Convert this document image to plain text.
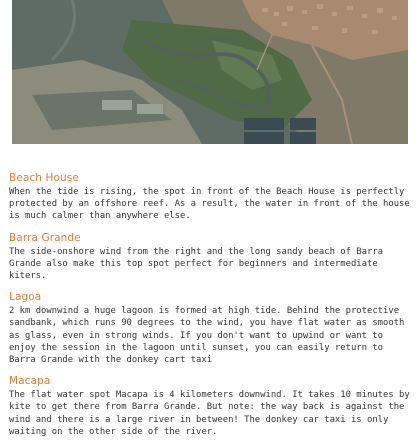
Beach House
When the tide is rising, the spot in front of the Beach House is perfectly protected by an offshore reef. As a result, the water in front of the house is much calmer than anywhere else.
Barra Grande
The side-onshore wind from the right and the long sandy beach of Barra Grande also make this top spot perfect for beginners and intermediate kiters.
Lagoa
2 km downwind a huge lagoon is formed at high tide. Behind the protective sandbank, which runs 90 degrees to the wind, you have flat water as smooth as glass, even in strong winds. If you don't want to upwind or want to enjoy the session in the lagoon until sunset, you can easily return to Barra Grande with the donkey cart taxi
Macapa
The flat water spot Macapa is 4 kilometers downwind. It takes 10 minutes by kite to get there from Barra Grande. But note: the way back is against the wind and there is a large river in between! The donkey car taxi is only waiting on the other side of the river.
